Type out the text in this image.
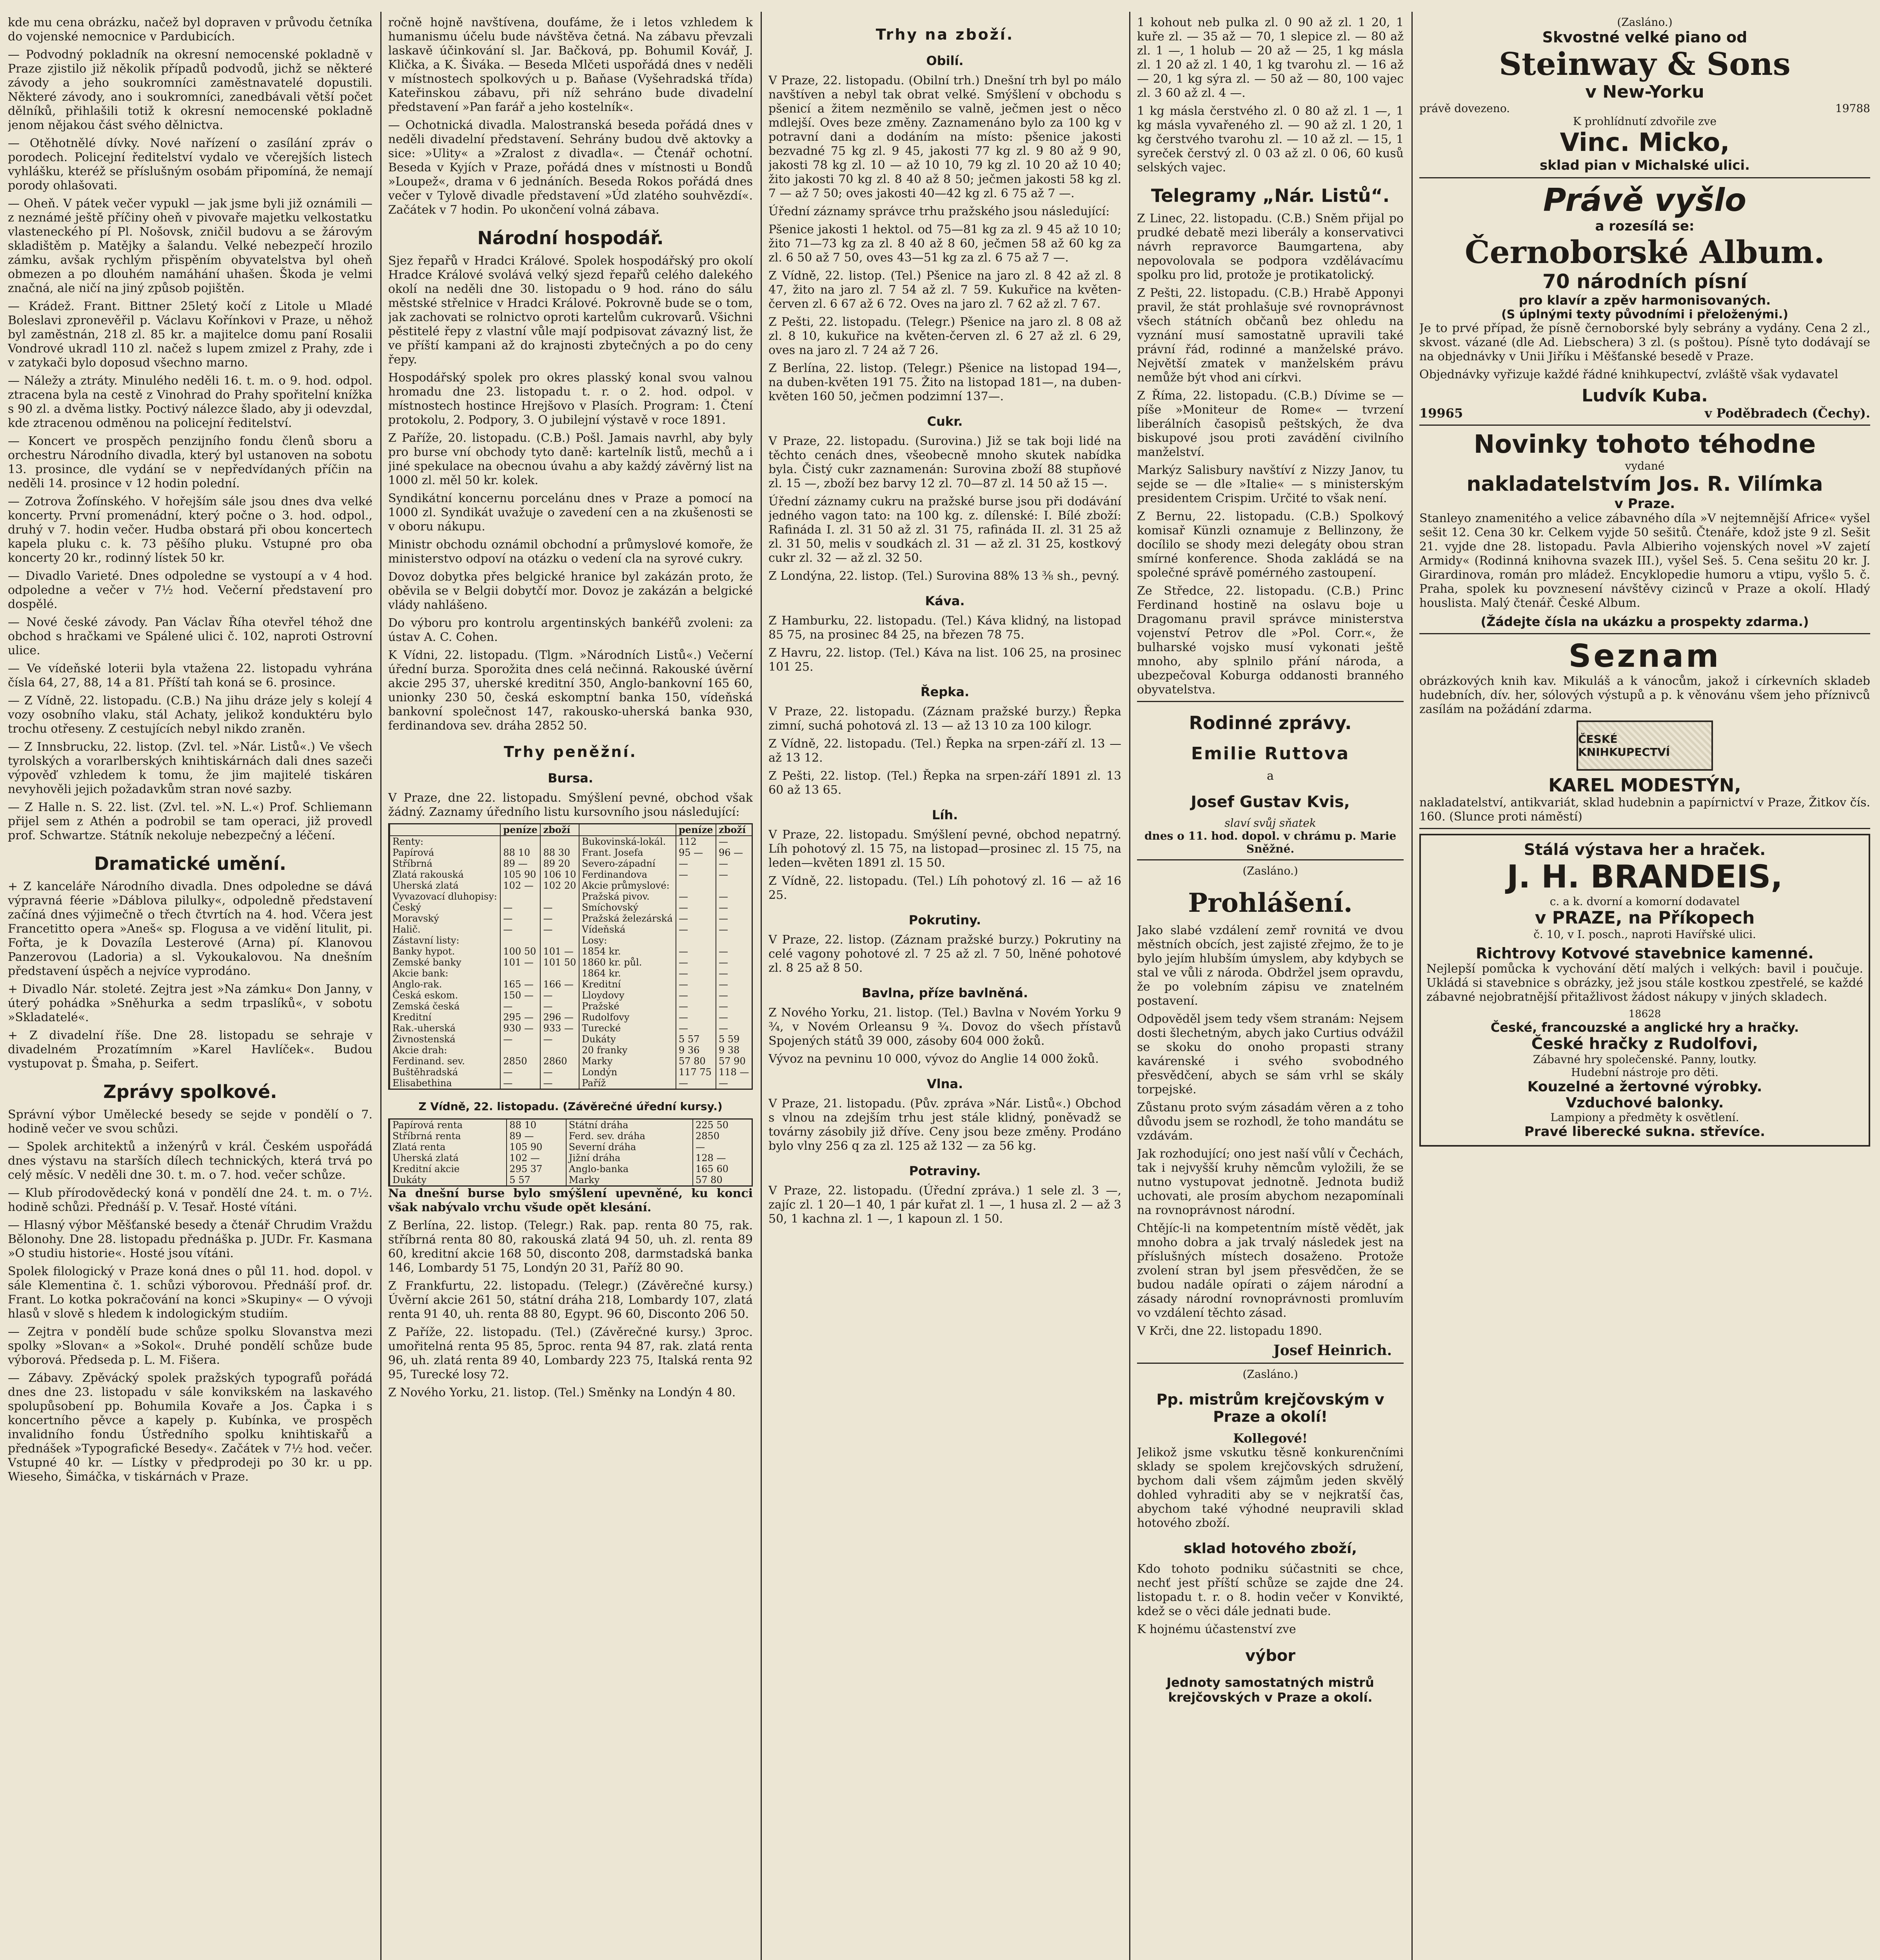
kde mu cena obrázku, načež byl dopraven v průvodu četníka do vojenské nemocnice v Pardubicích.

— Podvodný pokladník na okresní nemocenské pokladně v Praze zjistilo již několik případů podvodů, jichž se některé závody a jeho soukromníci zaměstnavatelé dopustili. Některé závody, ano i soukromníci, zanedbávali větší počet dělníků, přihlašili totiž k okresní nemocenské pokladně jenom nějakou část svého dělnictva.

— Otěhotnělé dívky. Nové nařízení o zasílání zpráv o porodech. Policejní ředitelství vydalo ve včerejších listech vyhlášku, kteréž se příslušným osobám připomíná, že nemají porody ohlašovati.

— Oheň. V pátek večer vypukl — jak jsme byli již oznámili — z neznámé ještě příčiny oheň v pivovaře majetku velkostatku vlasteneckého pí Pl. Nošovsk, zničil budovu a se žárovým skladištěm p. Matějky a šalandu. Velké nebezpečí hrozilo zámku, avšak rychlým přispěním obyvatelstva byl oheň obmezen a po dlouhém namáhání uhašen. Škoda je velmi značná, ale ničí na jiný způsob pojištěn.

— Krádež. Frant. Bittner 25letý kočí z Litole u Mladé Boleslavi zpronevěřil p. Václavu Kořínkovi v Praze, u něhož byl zaměstnán, 218 zl. 85 kr. a majitelce domu paní Rosalii Vondrové ukradl 110 zl. načež s lupem zmizel z Prahy, zde i v zatykači bylo doposud všechno marno.

— Náležy a ztráty. Minulého neděli 16. t. m. o 9. hod. odpol. ztracena byla na cestě z Vinohrad do Prahy spořitelní knížka s 90 zl. a dvěma listky. Poctivý nálezce šlado, aby ji odevzdal, kde ztracenou odměnou na policejní ředitelství.

— Koncert ve prospěch penzijního fondu členů sboru a orchestru Národního divadla, který byl ustanoven na sobotu 13. prosince, dle vydání se v nepředvídaných příčin na neděli 14. prosince v 12 hodin polední.

— Zotrova Žofínského. V hořejším sále jsou dnes dva velké koncerty. První promenádní, který počne o 3. hod. odpol., druhý v 7. hodin večer. Hudba obstará při obou koncertech kapela pluku c. k. 73 pěšího pluku. Vstupné pro oba koncerty 20 kr., rodinný lístek 50 kr.

— Divadlo Varieté. Dnes odpoledne se vystoupí a v 4 hod. odpoledne a večer v 7½ hod. Večerní představení pro dospělé.

— Nové české závody. Pan Václav Říha otevřel téhož dne obchod s hračkami ve Spálené ulici č. 102, naproti Ostrovní ulice.

— Ve vídeňské loterii byla vtažena 22. listopadu vyhrána čísla 64, 27, 88, 14 a 81. Příští tah koná se 6. prosince.

— Z Vídně, 22. listopadu. (C.B.) Na jihu dráze jely s kolejí 4 vozy osobního vlaku, stál Achaty, jelikož konduktéru bylo trochu otřeseny. Z cestujících nebyl nikdo zraněn.

— Z Innsbrucku, 22. listop. (Zvl. tel. »Nár. Listů«.) Ve všech tyrolských a vorarlberských knihtiskárnách dali dnes sazeči výpověď vzhledem k tomu, že jim majitelé tiskáren nevyhověli jejich požadavkům stran nové sazby.

— Z Halle n. S. 22. list. (Zvl. tel. »N. L.«) Prof. Schliemann přijel sem z Athén a podrobil se tam operaci, již provedl prof. Schwartze. Státník nekoluje nebezpečný a léčení.

Dramatické umění.

+ Z kanceláře Národního divadla. Dnes odpoledne se dává výpravná féerie »Dáblova pilulky«, odpoledně představení začíná dnes výjimečně o třech čtvrtích na 4. hod. Včera jest Francetitto opera »Aneš« sp. Flogusa a ve vidění litulit, pi. Fořta, je k Dovazíla Lesterové (Arna) pí. Klanovou Panzerovou (Ladoria) a sl. Vykoukalovou. Na dnešním představení úspěch a nejvíce vyprodáno.

+ Divadlo Nár. stoleté. Zejtra jest »Na zámku« Don Janny, v úterý pohádka »Sněhurka a sedm trpaslíků«, v sobotu »Skladatelé«.

+ Z divadelní říše. Dne 28. listopadu se sehraje v divadelném Prozatímním »Karel Havlíček«. Budou vystupovat p. Šmaha, p. Seifert.

Zprávy spolkové.

Správní výbor Umělecké besedy se sejde v pondělí o 7. hodině večer ve svou schůzi.

— Spolek architektů a inženýrů v král. Českém uspořádá dnes výstavu na starších dílech technických, která trvá po celý měsíc. V neděli dne 30. t. m. o 7. hod. večer schůze.

— Klub přírodovědecký koná v pondělí dne 24. t. m. o 7½. hodině schůzi. Přednáší p. V. Tesař. Hosté vítáni.

— Hlasný výbor Měšťanské besedy a čtenář Chrudim Vraždu Bělonohy. Dne 28. listopadu přednáška p. JUDr. Fr. Kasmana »O studiu historie«. Hosté jsou vítáni.

Spolek filologický v Praze koná dnes o půl 11. hod. dopol. v sále Klementina č. 1. schůzi výborovou. Přednáší prof. dr. Frant. Lo kotka pokračování na konci »Skupiny« — O vývoji hlasů v slově s hledem k indologickým studiím.

— Zejtra v pondělí bude schůze spolku Slovanstva mezi spolky »Slovan« a »Sokol«. Druhé pondělí schůze bude výborová. Předseda p. L. M. Fišera.

— Zábavy. Zpěvácký spolek pražských typografů pořádá dnes dne 23. listopadu v sále konvikském na laskavého spolupůsobení pp. Bohumila Kovaře a Jos. Čapka i s koncertního pěvce a kapely p. Kubínka, ve prospěch invalidního fondu Ústředního spolku knihtiskařů a přednášek »Typografické Besedy«. Začátek v 7½ hod. večer. Vstupné 40 kr. — Lístky v předprodeji po 30 kr. u pp. Wieseho, Šimáčka, v tiskárnách v Praze.

ročně hojně navštívena, doufáme, že i letos vzhledem k humanismu účelu bude návštěva četná. Na zábavu převzali laskavě účinkování sl. Jar. Bačková, pp. Bohumil Kovář, J. Klička, a K. Šiváka. — Beseda Mlčeti uspořádá dnes v neděli v místnostech spolkových u p. Baňase (Vyšehradská třída) Kateřinskou zábavu, při níž sehráno bude divadelní představení »Pan farář a jeho kostelník«.

— Ochotnická divadla. Malostranská beseda pořádá dnes v neděli divadelní představení. Sehrány budou dvě aktovky a sice: »Ulity« a »Zralost z divadla«. — Čtenář ochotní. Beseda v Kyjích v Praze, pořádá dnes v místnosti u Bondů »Loupež«, drama v 6 jednáních. Beseda Rokos pořádá dnes večer v Tylově divadle představení »Úd zlatého souhvězdí«. Začátek v 7 hodin. Po ukončení volná zábava.

Národní hospodář.

Sjez řepařů v Hradci Králové. Spolek hospodářský pro okolí Hradce Králové svolává velký sjezd řepařů celého dalekého okolí na neděli dne 30. listopadu o 9 hod. ráno do sálu městské střelnice v Hradci Králové. Pokrovně bude se o tom, jak zachovati se rolnictvo oproti kartelům cukrovarů. Všichni pěstitelé řepy z vlastní vůle mají podpisovat závazný list, že ve příští kampani až do krajnosti zbytečných a po do ceny řepy.

Hospodářský spolek pro okres plasský konal svou valnou hromadu dne 23. listopadu t. r. o 2. hod. odpol. v místnostech hostince Hrejšovo v Plasích. Program: 1. Čtení protokolu, 2. Podpory, 3. O jubilejní výstavě v roce 1891.

Z Paříže, 20. listopadu. (C.B.) Pošl. Jamais navrhl, aby byly pro burse vní obchody tyto daně: kartelník listů, mechů a i jiné spekulace na obecnou úvahu a aby každý závěrný list na 1000 zl. měl 50 kr. kolek.

Syndikátní koncernu porcelánu dnes v Praze a pomocí na 1000 zl. Syndikát uvažuje o zavedení cen a na zkušenosti se v oboru nákupu.

Ministr obchodu oznámil obchodní a průmyslové komoře, že ministerstvo odpoví na otázku o vedení cla na syrové cukry.

Dovoz dobytka přes belgické hranice byl zakázán proto, že oběvila se v Belgii dobytčí mor. Dovoz je zakázán a belgické vlády nahlášeno.

Do výboru pro kontrolu argentinských bankéřů zvoleni: za ústav A. C. Cohen.

K Vídni, 22. listopadu. (Tlgm. »Národních Listů«.) Večerní úřední burza. Sporožita dnes celá nečinná. Rakouské úvěrní akcie 295 37, uherské kreditní 350, Anglo-bankovní 165 60, unionky 230 50, česká eskomptní banka 150, vídeňská bankovní společnost 147, rakousko-uherská banka 930, ferdinandova sev. dráha 2852 50.

Trhy peněžní.
Bursa.

V Praze, dne 22. listopadu. Smýšlení pevné, obchod však žádný. Zaznamy úředního listu kursovního jsou následující:

	peníze	zboží		peníze	zboží
Renty:			Bukovinská-lokál.	112	—
Papírová	88 10	88 30	Frant. Josefa	95 —	96 —
Stříbrná	89 —	89 20	Severo-západní	—	—
Zlatá rakouská	105 90	106 10	Ferdinandova	—	—
Uherská zlatá	102 —	102 20	Akcie průmyslové:		
Vyvazovací dluhopisy:			Pražská pivov.	—	—
Český	—	—	Smíchovský	—	—
Moravský	—	—	Pražská železárská	—	—
Halič.	—	—	Vídeňská	—	—
Zástavní listy:			Losy:		
Banky hypot.	100 50	101 —	1854 kr.	—	—
Zemské banky	101 —	101 50	1860 kr. půl.	—	—
Akcie bank:			1864 kr.	—	—
Anglo-rak.	165 —	166 —	Kreditní	—	—
Česká eskom.	150 —	—	Lloydovy	—	—
Zemská česká	—	—	Pražské	—	—
Kreditní	295 —	296 —	Rudolfovy	—	—
Rak.-uherská	930 —	933 —	Turecké	—	—
Živnostenská	—	—	Dukáty	5 57	5 59
Akcie drah:			20 franky	9 36	9 38
Ferdinand. sev.	2850	2860	Marky	57 80	57 90
Buštěhradská	—	—	Londýn	117 75	118 —
Elisabethina	—	—	Paříž	—	—
Z Vídně, 22. listopadu. (Závěrečné úřední kursy.)
Papírová renta	88 10	Státní dráha	225 50
Stříbrná renta	89 —	Ferd. sev. dráha	2850
Zlatá renta	105 90	Severní dráha	—
Uherská zlatá	102 —	Jižní dráha	128 —
Kreditní akcie	295 37	Anglo-banka	165 60
Dukáty	5 57	Marky	57 80

Na dnešní burse bylo smýšlení upevněné, ku konci však nabývalo vrchu všude opět klesání.

Z Berlína, 22. listop. (Telegr.) Rak. pap. renta 80 75, rak. stříbrná renta 80 80, rakouská zlatá 94 50, uh. zl. renta 89 60, kreditní akcie 168 50, disconto 208, darmstadská banka 146, Lombardy 51 75, Londýn 20 31, Paříž 80 90.

Z Frankfurtu, 22. listopadu. (Telegr.) (Závěrečné kursy.) Úvěrní akcie 261 50, státní dráha 218, Lombardy 107, zlatá renta 91 40, uh. renta 88 80, Egypt. 96 60, Disconto 206 50.

Z Paříže, 22. listopadu. (Tel.) (Závěrečné kursy.) 3proc. umořitelná renta 95 85, 5proc. renta 94 87, rak. zlatá renta 96, uh. zlatá renta 89 40, Lombardy 223 75, Italská renta 92 95, Turecké losy 72.

Z Nového Yorku, 21. listop. (Tel.) Směnky na Londýn 4 80.

Trhy na zboží.
Obilí.

V Praze, 22. listopadu. (Obilní trh.) Dnešní trh byl po málo navštíven a nebyl tak obrat velké. Smýšlení v obchodu s pšenicí a žitem nezměnilo se valně, ječmen jest o něco mdlejší. Oves beze změny. Zaznamenáno bylo za 100 kg v potravní dani a dodáním na místo: pšenice jakosti bezvadné 75 kg zl. 9 45, jakosti 77 kg zl. 9 80 až 9 90, jakosti 78 kg zl. 10 — až 10 10, 79 kg zl. 10 20 až 10 40; žito jakosti 70 kg zl. 8 40 až 8 50; ječmen jakosti 58 kg zl. 7 — až 7 50; oves jakosti 40—42 kg zl. 6 75 až 7 —.

Úřední záznamy správce trhu pražského jsou následující:

Pšenice jakosti 1 hektol. od 75—81 kg za zl. 9 45 až 10 10; žito 71—73 kg za zl. 8 40 až 8 60, ječmen 58 až 60 kg za zl. 6 50 až 7 50, oves 43—51 kg za zl. 6 75 až 7 —.

Z Vídně, 22. listop. (Tel.) Pšenice na jaro zl. 8 42 až zl. 8 47, žito na jaro zl. 7 54 až zl. 7 59. Kukuřice na květen-červen zl. 6 67 až 6 72. Oves na jaro zl. 7 62 až zl. 7 67.

Z Pešti, 22. listopadu. (Telegr.) Pšenice na jaro zl. 8 08 až zl. 8 10, kukuřice na květen-červen zl. 6 27 až zl. 6 29, oves na jaro zl. 7 24 až 7 26.

Z Berlína, 22. listop. (Telegr.) Pšenice na listopad 194—, na duben-květen 191 75. Žito na listopad 181—, na duben-květen 160 50, ječmen podzimní 137—.

Cukr.

V Praze, 22. listopadu. (Surovina.) Již se tak boji lidé na těchto cenách dnes, všeobecně mnoho skutek nabídka byla. Čistý cukr zaznamenán: Surovina zboží 88 stupňové zl. 15 —, zboží bez barvy 12 zl. 70—87 zl. 14 50 až 15 —.

Úřední záznamy cukru na pražské burse jsou při dodávání jedného vagon tato: na 100 kg. z. dílenské: I. Bílé zboží: Rafináda I. zl. 31 50 až zl. 31 75, rafináda II. zl. 31 25 až zl. 31 50, melis v soudkách zl. 31 — až zl. 31 25, kostkový cukr zl. 32 — až zl. 32 50.

Z Londýna, 22. listop. (Tel.) Surovina 88% 13 ⅜ sh., pevný.

Káva.

Z Hamburku, 22. listopadu. (Tel.) Káva klidný, na listopad 85 75, na prosinec 84 25, na březen 78 75.

Z Havru, 22. listop. (Tel.) Káva na list. 106 25, na prosinec 101 25.

Řepka.

V Praze, 22. listopadu. (Záznam pražské burzy.) Řepka zimní, suchá pohotová zl. 13 — až 13 10 za 100 kilogr.

Z Vídně, 22. listopadu. (Tel.) Řepka na srpen-září zl. 13 — až 13 12.

Z Pešti, 22. listop. (Tel.) Řepka na srpen-září 1891 zl. 13 60 až 13 65.

Líh.

V Praze, 22. listopadu. Smýšlení pevné, obchod nepatrný. Líh pohotový zl. 15 75, na listopad—prosinec zl. 15 75, na leden—květen 1891 zl. 15 50.

Z Vídně, 22. listopadu. (Tel.) Líh pohotový zl. 16 — až 16 25.

Pokrutiny.

V Praze, 22. listop. (Záznam pražské burzy.) Pokrutiny na celé vagony pohotové zl. 7 25 až zl. 7 50, lněné pohotové zl. 8 25 až 8 50.

Bavlna, příze bavlněná.

Z Nového Yorku, 21. listop. (Tel.) Bavlna v Novém Yorku 9 ¾, v Novém Orleansu 9 ¾. Dovoz do všech přístavů Spojených států 39 000, zásoby 604 000 žoků.

Vývoz na pevninu 10 000, vývoz do Anglie 14 000 žoků.

Vlna.

V Praze, 21. listopadu. (Pův. zpráva »Nár. Listů«.) Obchod s vlnou na zdejším trhu jest stále klidný, poněvadž se továrny zásobily již dříve. Ceny jsou beze změny. Prodáno bylo vlny 256 q za zl. 125 až 132 — za 56 kg.

Potraviny.

V Praze, 22. listopadu. (Úřední zpráva.) 1 sele zl. 3 —, zajíc zl. 1 20—1 40, 1 pár kuřat zl. 1 —, 1 husa zl. 2 — až 3 50, 1 kachna zl. 1 —, 1 kapoun zl. 1 50.

1 kohout neb pulka zl. 0 90 až zl. 1 20, 1 kuře zl. — 35 až — 70, 1 slepice zl. — 80 až zl. 1 —, 1 holub — 20 až — 25, 1 kg másla zl. 1 20 až zl. 1 40, 1 kg tvarohu zl. — 16 až — 20, 1 kg sýra zl. — 50 až — 80, 100 vajec zl. 3 60 až zl. 4 —.

1 kg másla čerstvého zl. 0 80 až zl. 1 —, 1 kg másla vyvařeného zl. — 90 až zl. 1 20, 1 kg čerstvého tvarohu zl. — 10 až zl. — 15, 1 syreček čerstvý zl. 0 03 až zl. 0 06, 60 kusů selských vajec.

Telegramy „Nár. Listů“.

Z Linec, 22. listopadu. (C.B.) Sněm přijal po prudké debatě mezi liberály a konservativci návrh repravorce Baumgartena, aby nepovolovala se podpora vzdělávacímu spolku pro lid, protože je protikatolický.

Z Pešti, 22. listopadu. (C.B.) Hrabě Apponyi pravil, že stát prohlašuje své rovnoprávnost všech státních občanů bez ohledu na vyznání musí samostatně upravili také právní řád, rodinné a manželské právo. Největší zmatek v manželském právu nemůže být vhod ani církvi.

Z Říma, 22. listopadu. (C.B.) Dívime se — píše »Moniteur de Rome« — tvrzení liberálních časopisů peštských, že dva biskupové jsou proti zavádění civilního manželství.

Markýz Salisbury navštíví z Nizzy Janov, tu sejde se — dle »Italie« — s ministerským presidentem Crispim. Určité to však není.

Z Bernu, 22. listopadu. (C.B.) Spolkový komisař Künzli oznamuje z Bellinzony, že docílilo se shody mezi delegáty obou stran smírné konference. Shoda zakládá se na společné správě pomérného zastoupení.

Ze Středce, 22. listopadu. (C.B.) Princ Ferdinand hostině na oslavu boje u Dragomanu pravil správce ministerstva vojenství Petrov dle »Pol. Corr.«, že bulharské vojsko musí vykonati ještě mnoho, aby splnilo přání národa, a ubezpečoval Koburga oddanosti branného obyvatelstva.

Rodinné zprávy.
Emilie Ruttova
a
Josef Gustav Kvis,
slaví svůj sňatek
dnes o 11. hod. dopol. v chrámu p. Marie Sněžné.
(Zasláno.)
Prohlášení.

Jako slabé vzdálení zemř rovnitá ve dvou městních obcích, jest zajisté zřejmo, že to je bylo jejím hlubším úmyslem, aby kdybych se stal ve vůli z národa. Obdržel jsem opravdu, že po volebním zápisu ve znatelném postavení.

Odpověděl jsem tedy všem stranám: Nejsem dosti šlechetným, abych jako Curtius odvážil se skoku do onoho propasti strany kavárenské i svého svobodného přesvědčení, abych se sám vrhl se skály torpejské.

Zůstanu proto svým zásadám věren a z toho důvodu jsem se rozhodl, že toho mandátu se vzdávám.

Jak rozhodující; ono jest naší vůlí v Čechách, tak i nejvyšší kruhy němcům vyložili, že se nutno vystupovat jednotně. Jednota budiž uchovati, ale prosím abychom nezapomínali na rovnoprávnost národní.

Chtějíc-li na kompetentním místě vědět, jak mnoho dobra a jak trvalý následek jest na příslušných místech dosaženo. Protože zvolení stran byl jsem přesvědčen, že se budou nadále opírati o zájem národní a zásady národní rovnoprávnosti promluvím vo vzdálení těchto zásad.

V Krči, dne 22. listopadu 1890.

Josef Heinrich.
(Zasláno.)
Pp. mistrům krejčovským v Praze a okolí!
Kollegové!

Jelikož jsme vskutku těsně konkurenčními sklady se spolem krejčovských sdružení, bychom dali všem zájmům jeden skvělý dohled vyhraditi aby se v nejkratší čas, abychom také výhodné neupravili sklad hotového zboží.

sklad hotového zboží,

Kdo tohoto podniku súčastniti se chce, nechť jest příští schůze se zajde dne 24. listopadu t. r. o 8. hodin večer v Konvikté, kdež se o věci dále jednati bude.

K hojnému účastenství zve

výbor
Jednoty samostatných mistrů krejčovských v Praze a okolí.
(Zasláno.)
Skvostné velké piano od
Steinway & Sons
v New-Yorku
právě dovezeno.	19788
K prohlídnutí zdvořile zve
Vinc. Micko,
sklad pian v Michalské ulici.
Právě vyšlo
a rozesílá se:
Černoborské Album.
70 národních písní
pro klavír a zpěv harmonisovaných.
(S úplnými texty původními i přeloženými.)

Je to prvé případ, že písně černoborské byly sebrány a vydány. Cena 2 zl., skvost. vázané (dle Ad. Liebschera) 3 zl. (s poštou). Písně tyto dodávají se na objednávky v Unii Jiříku i Měšťanské besedě v Praze.

Objednávky vyřizuje každé řádné knihkupectví, zvláště však vydavatel

Ludvík Kuba.
19965	v Poděbradech (Čechy).
Novinky tohoto téhodne
vydané
nakladatelstvím Jos. R. Vilímka
v Praze.

Stanleyo znamenitého a velice zábavného díla »V nejtemnější Africe« vyšel sešit 12. Cena 30 kr. Celkem vyjde 50 sešitů. Čtenáře, kdož jste 9 zl. Sešit 21. vyjde dne 28. listopadu. Pavla Albieriho vojenských novel »V zajetí Armidy« (Rodinná knihovna svazek III.), vyšel Seš. 5. Cena sešitu 20 kr. J. Girardinova, román pro mládež. Encyklopedie humoru a vtipu, vyšlo 5. č. Praha, spolek ku povznesení návštěvy cizinců v Praze a okolí. Hladý houslista. Malý čtenář. České Album.

(Žádejte čísla na ukázku a prospekty zdarma.)
Seznam

obrázkových knih kav. Mikuláš a k vánocům, jakož i církevních skladeb hudebních, dív. her, sólových výstupů a p. k věnovánu všem jeho příznivců zasílám na požádání zdarma.

ČESKÉ KNIHKUPECTVÍ
KAREL MODESTÝN,

nakladatelství, antikvariát, sklad hudebnin a papírnictví v Praze, Žitkov čís. 160. (Slunce proti náměstí)

Stálá výstava her a hraček.
J. H. BRANDEIS,
c. a k. dvorní a komorní dodavatel
v PRAZE, na Příkopech
č. 10, v I. posch., naproti Havířské ulici.
Richtrovy Kotvové stavebnice kamenné.

Nejlepší pomůcka k vychování dětí malých i velkých: bavil i poučuje. Ukládá si stavebnice s obrázky, jež jsou stále kostkou zpestřelé, se každé zábavné nejobratnější přitažlivost žádost nákupy v jiných skladech.

18628
České, francouzské a anglické hry a hračky.
České hračky z Rudolfovi,
Zábavné hry společenské. Panny, loutky.
Hudební nástroje pro děti.
Kouzelné a žertovné výrobky.
Vzduchové balonky.
Lampiony a předměty k osvětlení.
Pravé liberecké sukna. střevíce.
